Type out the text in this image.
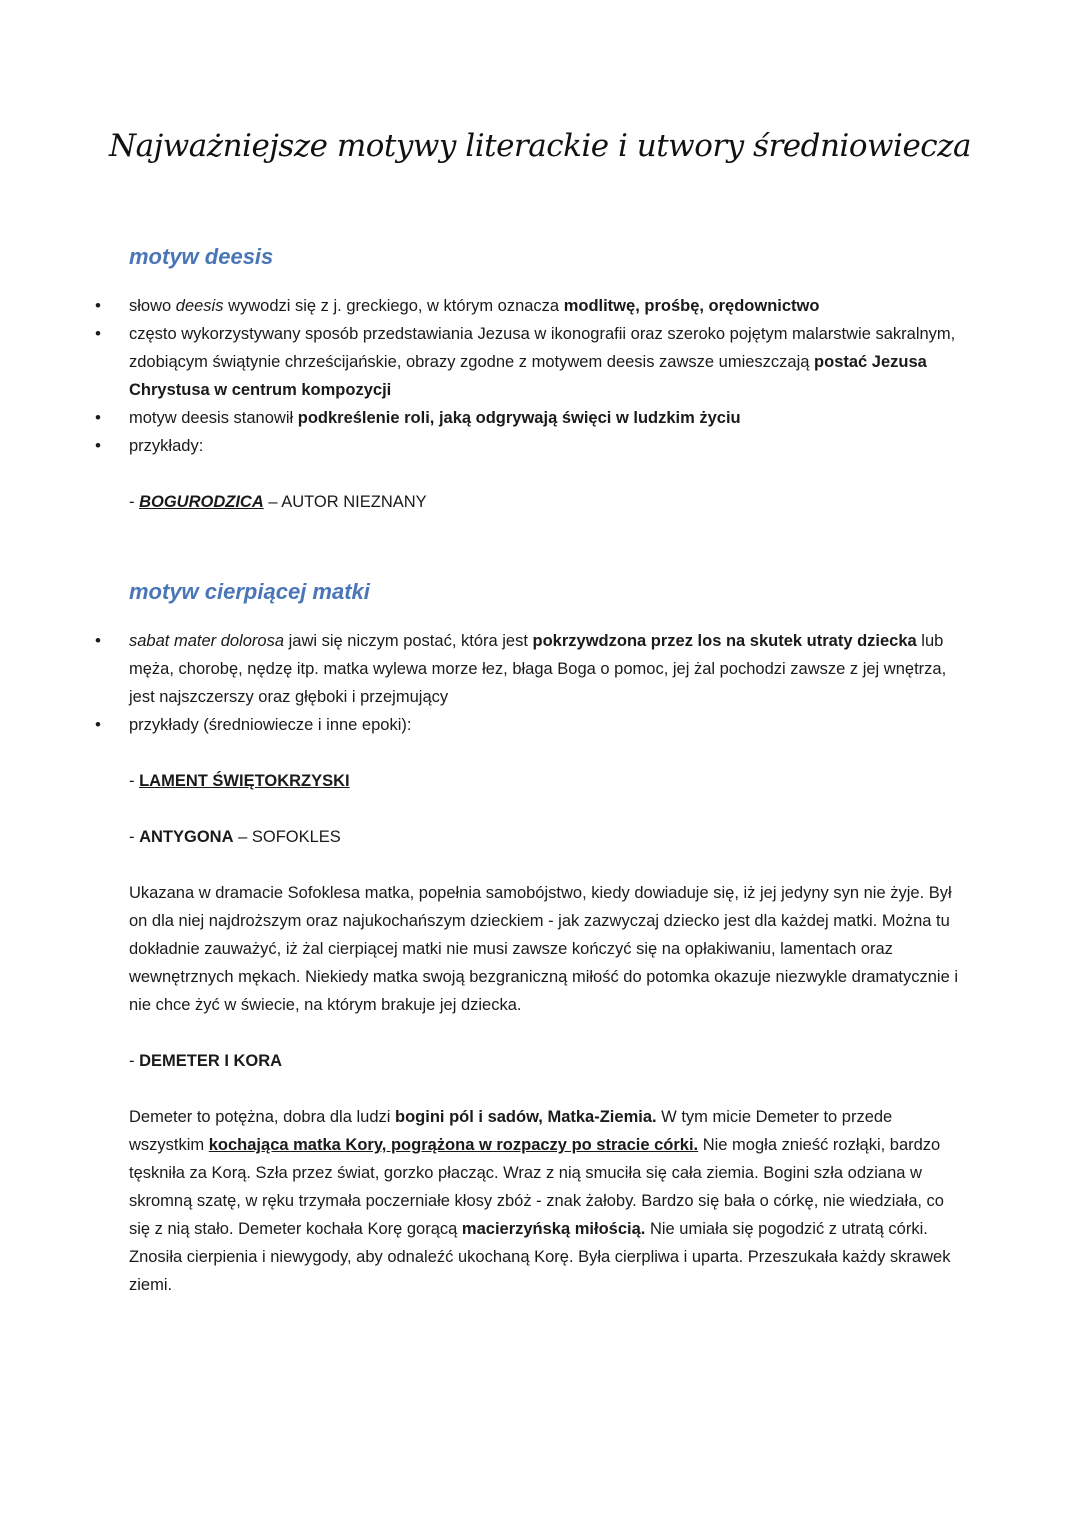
Najważniejsze motywy literackie i utwory średniowiecza
motyw deesis
• słowo deesis wywodzi się z j. greckiego, w którym oznacza modlitwę, prośbę, orędownictwo
• często wykorzystywany sposób przedstawiania Jezusa w ikonografii oraz szeroko pojętym malarstwie sakralnym, zdobiącym świątynie chrześcijańskie, obrazy zgodne z motywem deesis zawsze umieszczają postać Jezusa Chrystusa w centrum kompozycji
• motyw deesis stanowił podkreślenie roli, jaką odgrywają święci w ludzkim życiu
• przykłady:
- BOGURODZICA – AUTOR NIEZNANY
motyw cierpiącej matki
• sabat mater dolorosa jawi się niczym postać, która jest pokrzywdzona przez los na skutek utraty dziecka lub męża, chorobę, nędzę itp. matka wylewa morze łez, błaga Boga o pomoc, jej żal pochodzi zawsze z jej wnętrza, jest najszczerszy oraz głęboki i przejmujący
• przykłady (średniowiecze i inne epoki):
- LAMENT ŚWIĘTOKRZYSKI
- ANTYGONA – SOFOKLES
Ukazana w dramacie Sofoklesa matka, popełnia samobójstwo, kiedy dowiaduje się, iż jej jedyny syn nie żyje. Był on dla niej najdroższym oraz najukochańszym dzieckiem - jak zazwyczaj dziecko jest dla każdej matki. Można tu dokładnie zauważyć, iż żal cierpiącej matki nie musi zawsze kończyć się na opłakiwaniu, lamentach oraz wewnętrznych mękach. Niekiedy matka swoją bezgraniczną miłość do potomka okazuje niezwykle dramatycznie i nie chce żyć w świecie, na którym brakuje jej dziecka.
- DEMETER I KORA
Demeter to potężna, dobra dla ludzi bogini pól i sadów, Matka-Ziemia. W tym micie Demeter to przede wszystkim kochająca matka Kory, pogrążona w rozpaczy po stracie córki. Nie mogła znieść rozłąki, bardzo tęskniła za Korą. Szła przez świat, gorzko płacząc. Wraz z nią smuciła się cała ziemia. Bogini szła odziana w skromną szatę, w ręku trzymała poczerniałe kłosy zbóż - znak żałoby. Bardzo się bała o córkę, nie wiedziała, co się z nią stało. Demeter kochała Korę gorącą macierzyńską miłością. Nie umiała się pogodzić z utratą córki. Znosiła cierpienia i niewygody, aby odnaleźć ukochaną Korę. Była cierpliwa i uparta. Przeszukała każdy skrawek ziemi.
